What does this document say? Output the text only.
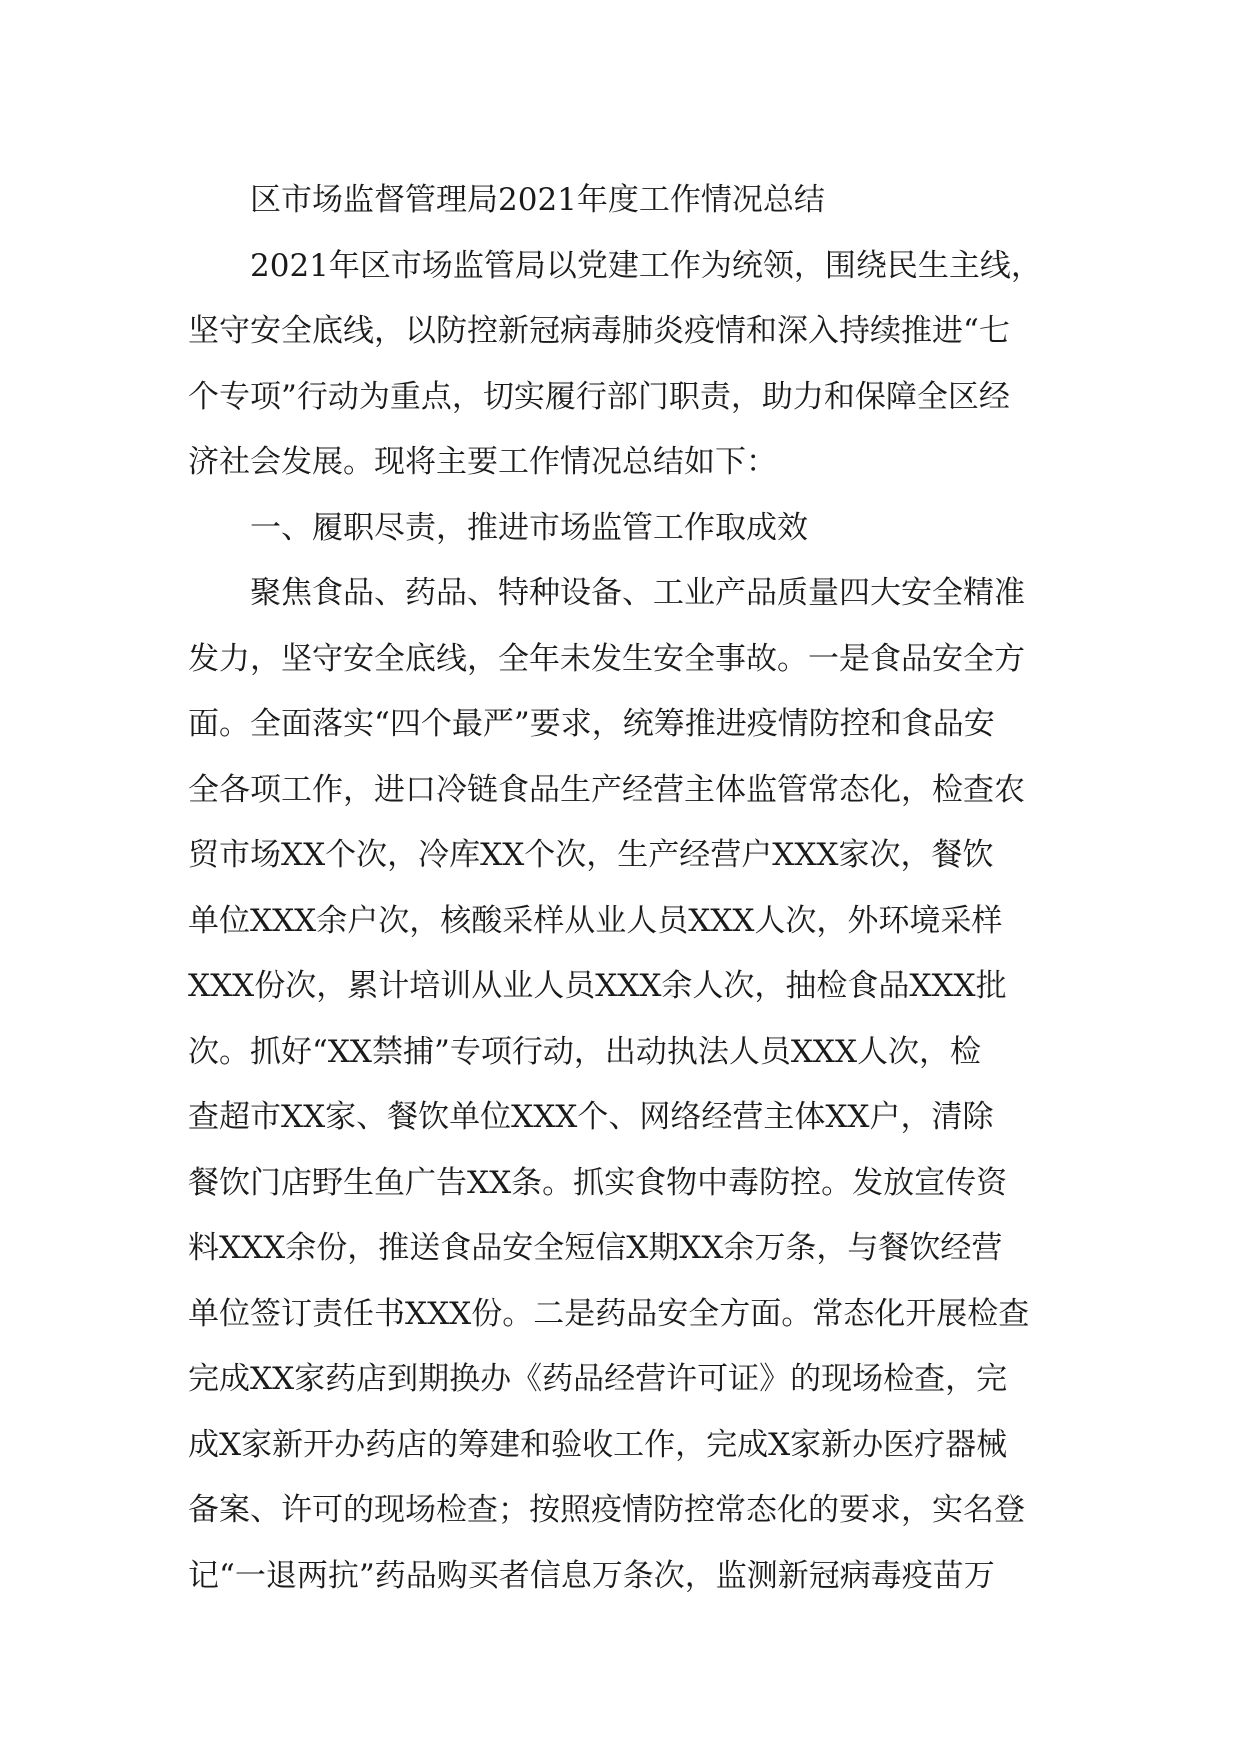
区市场监督管理局2021年度工作情况总结
2021年区市场监管局以党建工作为统领，围绕民生主线，
坚守安全底线，以防控新冠病毒肺炎疫情和深入持续推进“七
个专项”行动为重点，切实履行部门职责，助力和保障全区经
济社会发展。现将主要工作情况总结如下：
一、履职尽责，推进市场监管工作取成效
聚焦食品、药品、特种设备、工业产品质量四大安全精准
发力，坚守安全底线，全年未发生安全事故。一是食品安全方
面。全面落实“四个最严”要求，统筹推进疫情防控和食品安
全各项工作，进口冷链食品生产经营主体监管常态化，检查农
贸市场XX个次，冷库XX个次，生产经营户XXX家次，餐饮
单位XXX余户次，核酸采样从业人员XXX人次，外环境采样
XXX份次，累计培训从业人员XXX余人次，抽检食品XXX批
次。抓好“XX禁捕”专项行动，出动执法人员XXX人次，检
查超市XX家、餐饮单位XXX个、网络经营主体XX户，清除
餐饮门店野生鱼广告XX条。抓实食物中毒防控。发放宣传资
料XXX余份，推送食品安全短信X期XX余万条，与餐饮经营
单位签订责任书XXX份。二是药品安全方面。常态化开展检查
完成XX家药店到期换办《药品经营许可证》的现场检查，完
成X家新开办药店的筹建和验收工作，完成X家新办医疗器械
备案、许可的现场检查；按照疫情防控常态化的要求，实名登
记“一退两抗”药品购买者信息万条次，监测新冠病毒疫苗万
